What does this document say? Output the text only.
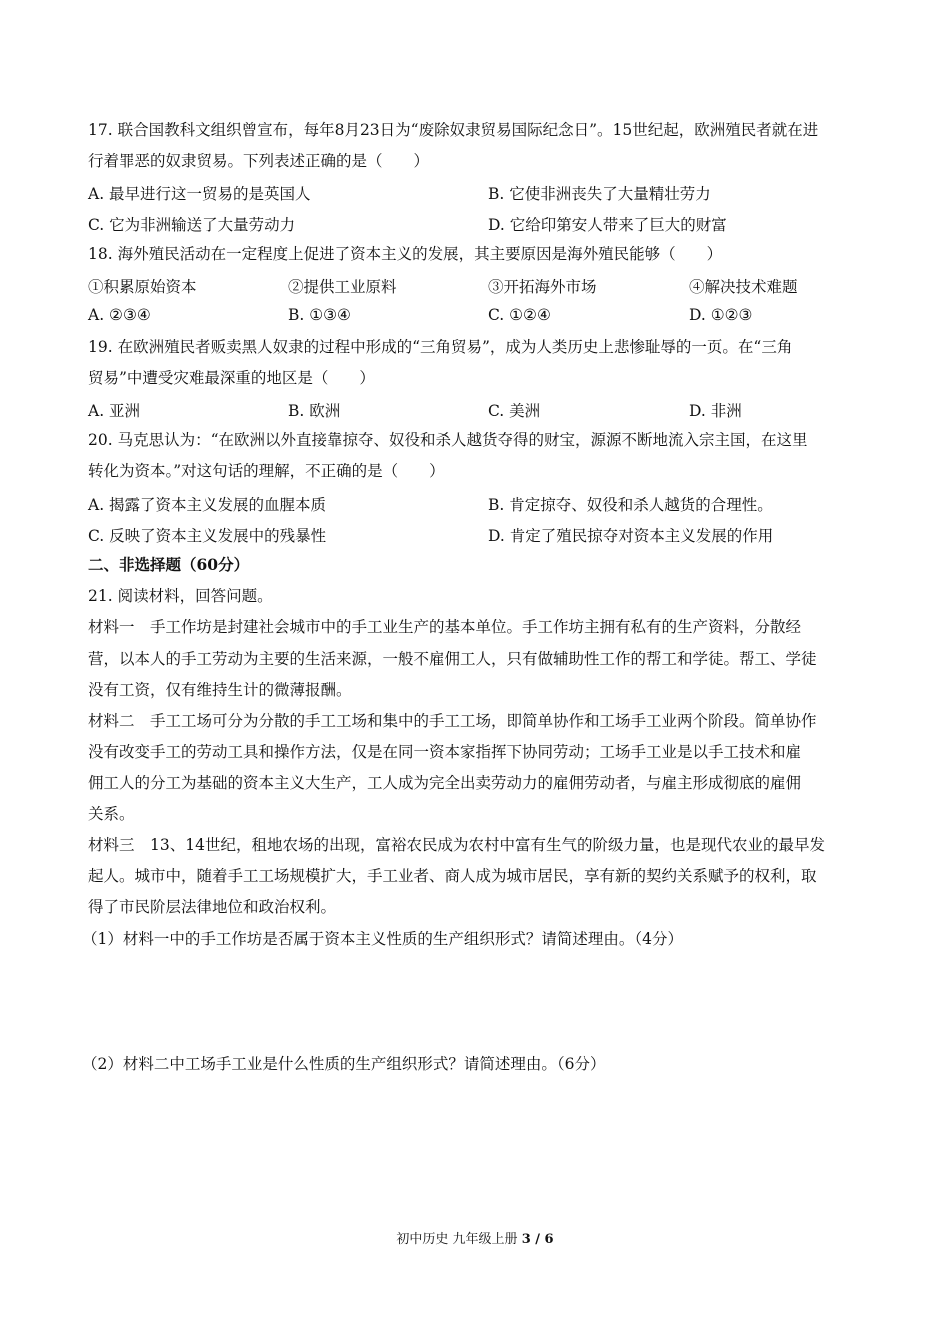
17. 联合国教科文组织曾宣布，每年8月23日为“废除奴隶贸易国际纪念日”。15世纪起，欧洲殖民者就在进
行着罪恶的奴隶贸易。下列表述正确的是（　　）
A. 最早进行这一贸易的是英国人	B. 它使非洲丧失了大量精壮劳力
C. 它为非洲输送了大量劳动力	D. 它给印第安人带来了巨大的财富
18. 海外殖民活动在一定程度上促进了资本主义的发展，其主要原因是海外殖民能够（　　）
①积累原始资本	②提供工业原料	③开拓海外市场	④解决技术难题
A. ②③④	B. ①③④	C. ①②④	D. ①②③
19. 在欧洲殖民者贩卖黑人奴隶的过程中形成的“三角贸易”，成为人类历史上悲惨耻辱的一页。在“三角
贸易”中遭受灾难最深重的地区是（　　）
A. 亚洲	B. 欧洲	C. 美洲	D. 非洲
20. 马克思认为：“在欧洲以外直接靠掠夺、奴役和杀人越货夺得的财宝，源源不断地流入宗主国，在这里
转化为资本。”对这句话的理解，不正确的是（　　）
A. 揭露了资本主义发展的血腥本质	B. 肯定掠夺、奴役和杀人越货的合理性。
C. 反映了资本主义发展中的残暴性	D. 肯定了殖民掠夺对资本主义发展的作用
二、非选择题（60分）
21. 阅读材料，回答问题。
材料一　手工作坊是封建社会城市中的手工业生产的基本单位。手工作坊主拥有私有的生产资料，分散经
营，以本人的手工劳动为主要的生活来源，一般不雇佣工人，只有做辅助性工作的帮工和学徒。帮工、学徒
没有工资，仅有维持生计的微薄报酬。
材料二　手工工场可分为分散的手工工场和集中的手工工场，即简单协作和工场手工业两个阶段。简单协作
没有改变手工的劳动工具和操作方法，仅是在同一资本家指挥下协同劳动；工场手工业是以手工技术和雇
佣工人的分工为基础的资本主义大生产，工人成为完全出卖劳动力的雇佣劳动者，与雇主形成彻底的雇佣
关系。
材料三　13、14世纪，租地农场的出现，富裕农民成为农村中富有生气的阶级力量，也是现代农业的最早发
起人。城市中，随着手工工场规模扩大，手工业者、商人成为城市居民，享有新的契约关系赋予的权利，取
得了市民阶层法律地位和政治权利。
（1）材料一中的手工作坊是否属于资本主义性质的生产组织形式？请简述理由。（4分）
（2）材料二中工场手工业是什么性质的生产组织形式？请简述理由。（6分）
初中历史 九年级上册 3 / 6
